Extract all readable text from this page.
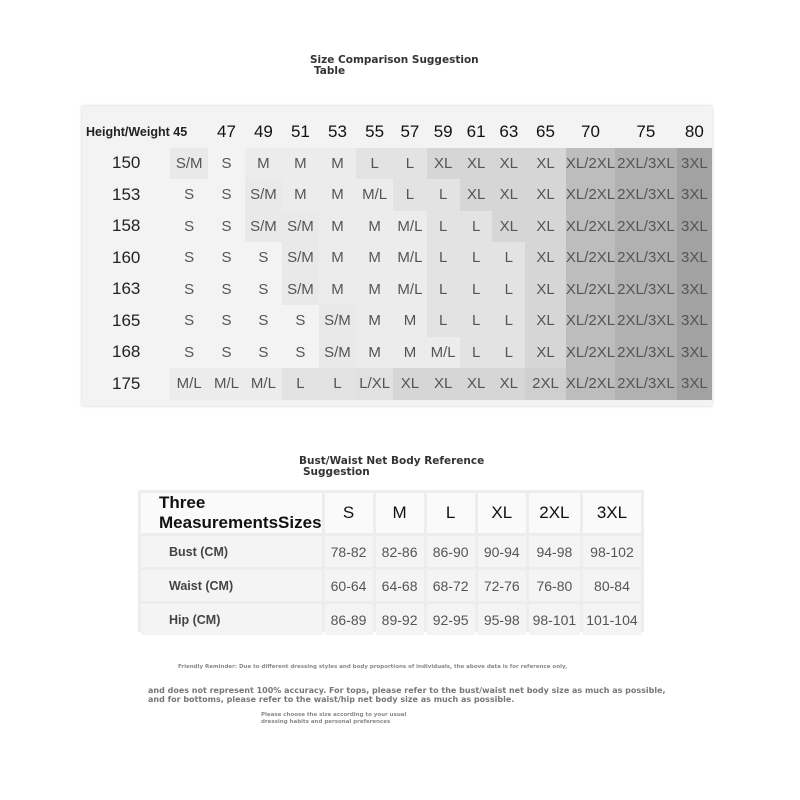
Size Comparison Suggestion
Table
Height/Weight 45		47	49	51	53	55	57	59	61	63	65	70	75	80
150	S/M	S	M	M	M	L	L	XL	XL	XL	XL	XL/2XL	2XL/3XL	3XL
153	S	S	S/M	M	M	M/L	L	L	XL	XL	XL	XL/2XL	2XL/3XL	3XL
158	S	S	S/M	S/M	M	M	M/L	L	L	XL	XL	XL/2XL	2XL/3XL	3XL
160	S	S	S	S/M	M	M	M/L	L	L	L	XL	XL/2XL	2XL/3XL	3XL
163	S	S	S	S/M	M	M	M/L	L	L	L	XL	XL/2XL	2XL/3XL	3XL
165	S	S	S	S	S/M	M	M	L	L	L	XL	XL/2XL	2XL/3XL	3XL
168	S	S	S	S	S/M	M	M	M/L	L	L	XL	XL/2XL	2XL/3XL	3XL
175	M/L	M/L	M/L	L	L	L/XL	XL	XL	XL	XL	2XL	XL/2XL	2XL/3XL	3XL
Bust/Waist Net Body Reference
Suggestion
Three MeasurementsSizes	S	M	L	XL	2XL	3XL
Bust (CM)	78-82	82-86	86-90	90-94	94-98	98-102
Waist (CM)	60-64	64-68	68-72	72-76	76-80	80-84
Hip (CM)	86-89	89-92	92-95	95-98	98-101	101-104
Friendly Reminder: Due to different dressing styles and body proportions of individuals, the above data is for reference only,
and does not represent 100% accuracy. For tops, please refer to the bust/waist net body size as much as possible, and for bottoms, please refer to the waist/hip net body size as much as possible.
Please choose the size according to your usual
dressing habits and personal preferences
